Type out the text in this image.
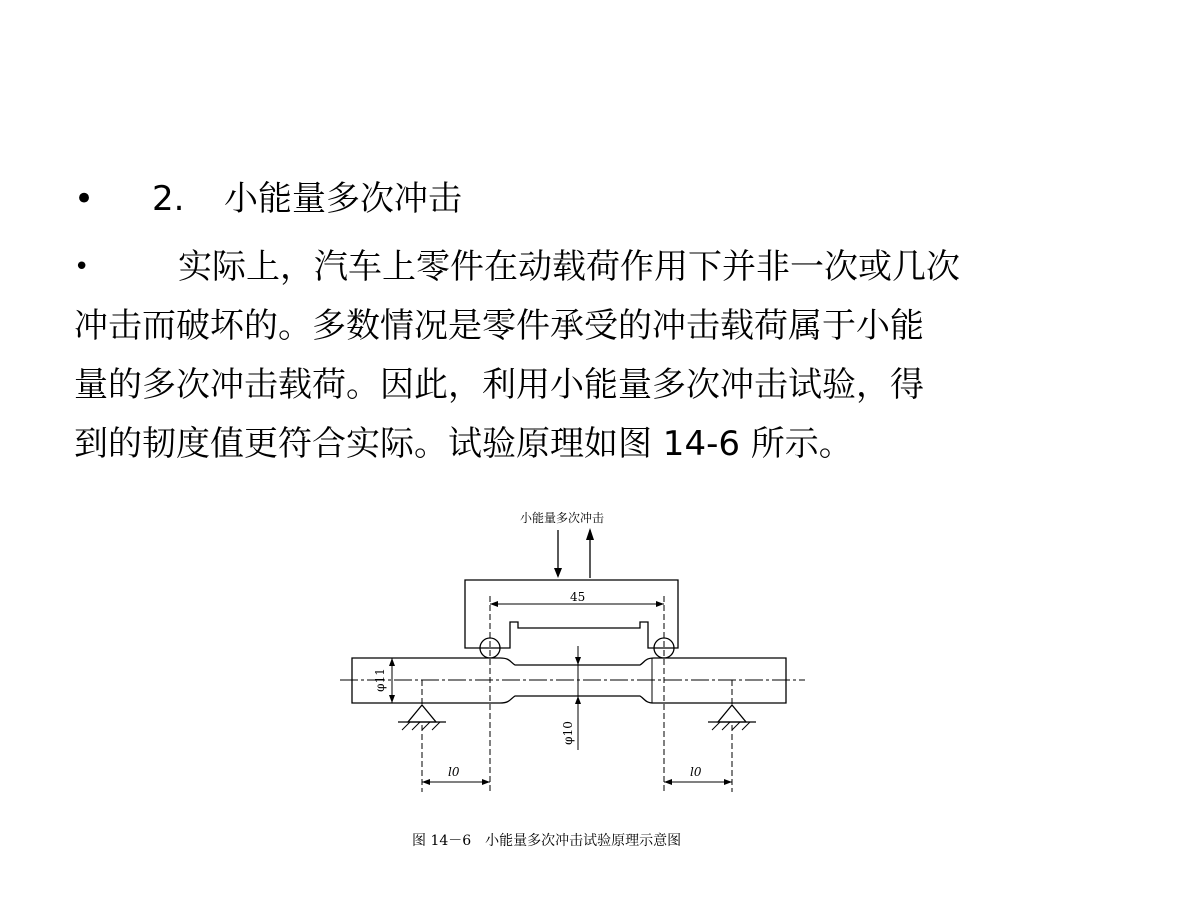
• 2. 小能量多次冲击
•	实际上，汽车上零件在动载荷作用下并非一次或几次
冲击而破坏的。多数情况是零件承受的冲击载荷属于小能
量的多次冲击载荷。因此，利用小能量多次冲击试验，得
到的韧度值更符合实际。试验原理如图 14-6 所示。
小能量多次冲击
45
φ11
φ10
l0	l0
图 14－6　小能量多次冲击试验原理示意图
